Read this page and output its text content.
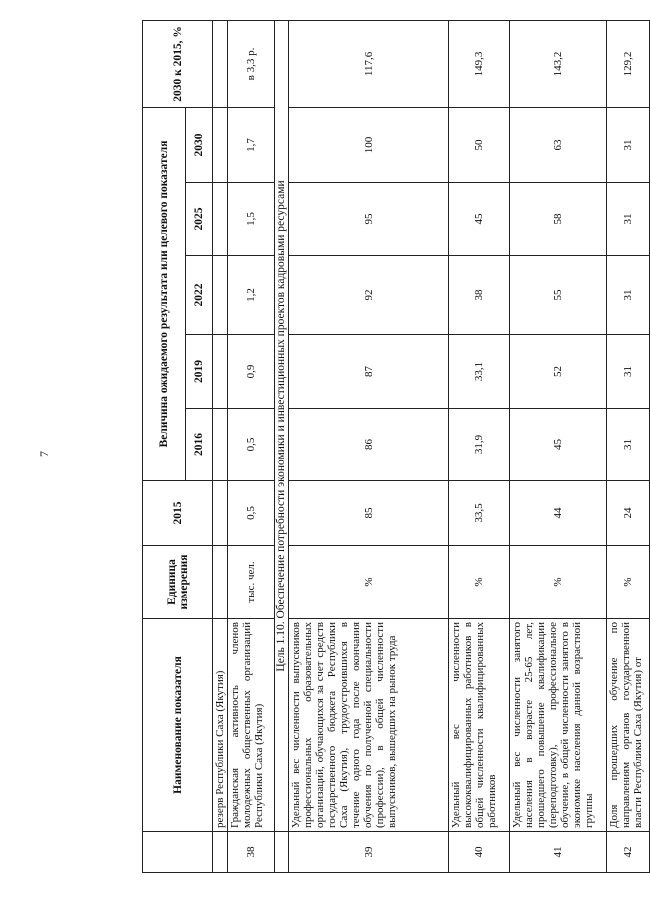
7
	Наименование показателя	Единица измерения	2015	Величина ожидаемого результата или целевого показателя					2030 к 2015, %
				2016	2019	2022	2025	2030	
	резерв Республики Саха (Якутия)								
38	Гражданская активность членов молодежных общественных организаций Республики Саха (Якутия)	тыс. чел.	0,5	0,5	0,9	1,2	1,5	1,7	в 3,3 р.
	Цель 1.10. Обеспечение потребности экономики и инвестиционных проектов кадровыми ресурсами								
39	Удельный вес численности выпускников профессиональных образовательных организаций, обучающихся за счет средств государственного бюджета Республики Саха (Якутия), трудоустроившихся в течение одного года после окончания обучения по полученной специальности (профессии), в общей численности выпускников, вышедших на рынок труда	%	85	86	87	92	95	100	117,6
40	Удельный вес численности высококвалифицированных работников в общей численности квалифицированных работников	%	33,5	31,9	33,1	38	45	50	149,3
41	Удельный вес численности занятого населения в возрасте 25-65 лет, прошедшего повышение квалификации (переподготовку), профессиональное обучение, в общей численности занятого в экономике населения данной возрастной группы	%	44	45	52	55	58	63	143,2
42	Доля прошедших обучение по направлениям органов государственной власти Республики Саха (Якутия) от	%	24	31	31	31	31	31	129,2
